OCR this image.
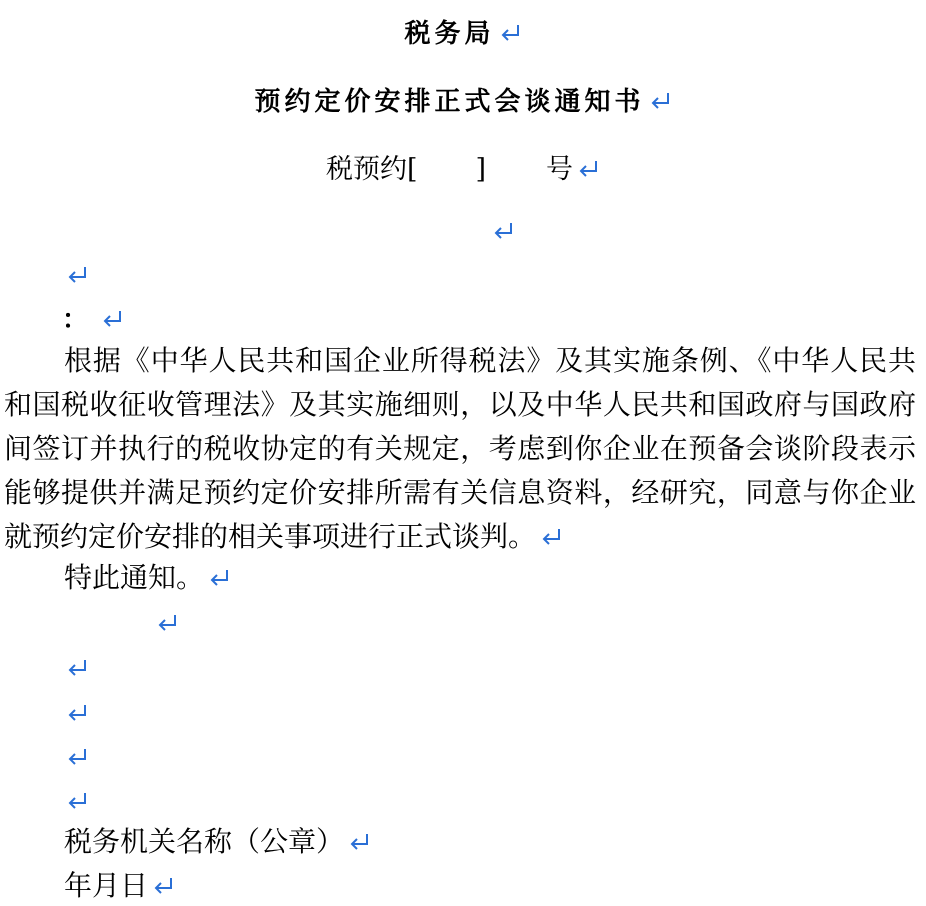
税务局
预约定价安排正式会谈通知书
税预约[ ] 号
：
根据《中华人民共和国企业所得税法》及其实施条例、《中华人民共和国税收征收管理法》及其实施细则，以及中华人民共和国政府与国政府间签订并执行的税收协定的有关规定，考虑到你企业在预备会谈阶段表示能够提供并满足预约定价安排所需有关信息资料，经研究，同意与你企业就预约定价安排的相关事项进行正式谈判。
特此通知。
税务机关名称（公章）
年月日
